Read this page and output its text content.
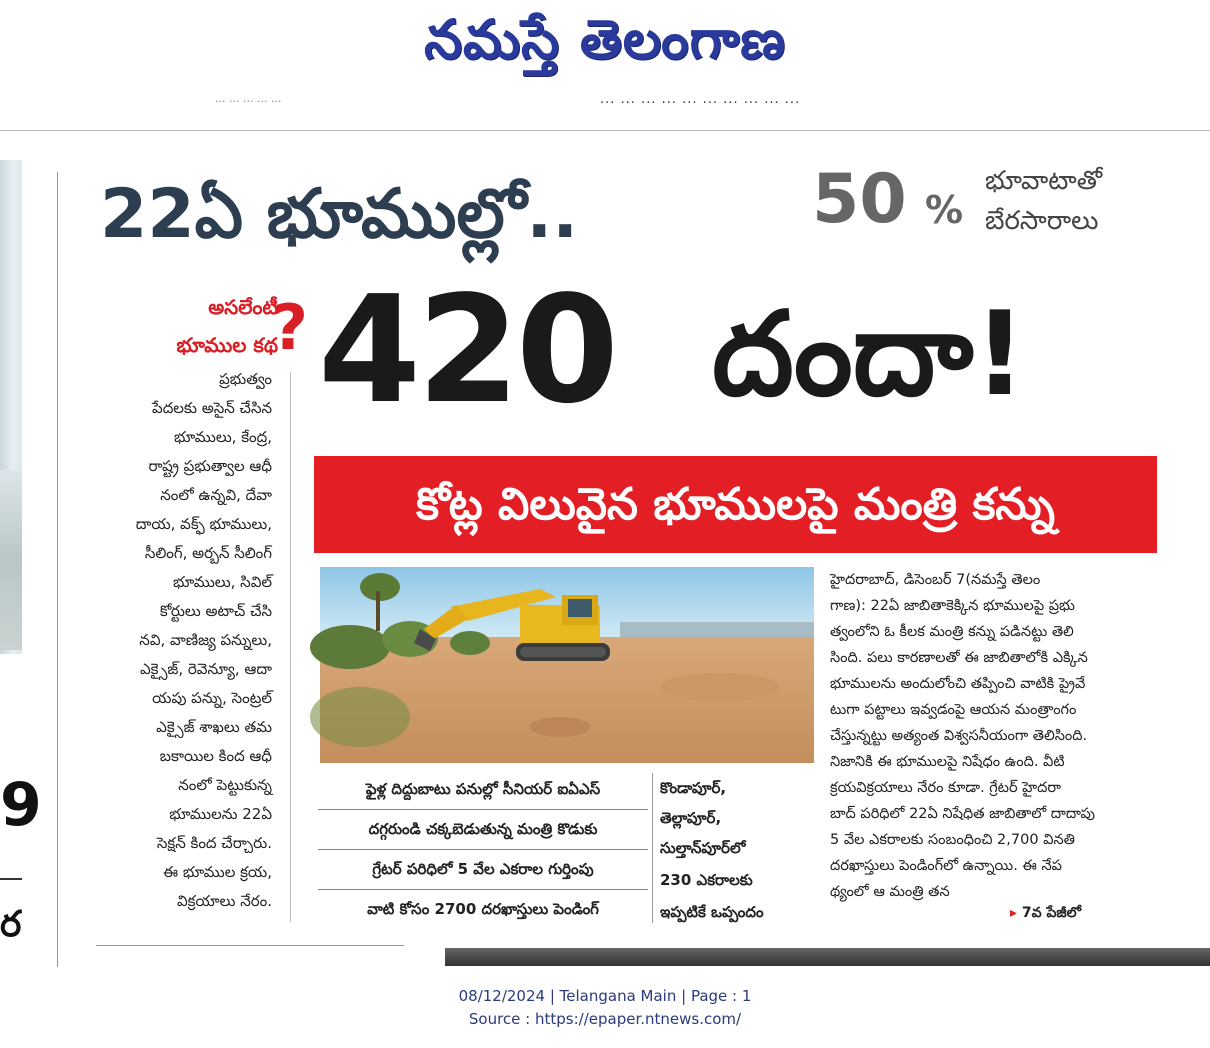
నమస్తే తెలంగాణ
... ... ... ... ...	... ... ... ... ... ... ... ... ... ...
9
ర
22ఏ భూముల్లో..	50 %
భూవాటాతో
బేరసారాలు
420 దందా!
అసలేంటీ
భూముల కథ
?
ప్రభుత్వం
పేదలకు అసైన్ చేసిన
భూములు, కేంద్ర,
రాష్ట్ర ప్రభుత్వాల ఆధీ
నంలో ఉన్నవి, దేవా
దాయ, వక్ఫ్ భూములు,
సీలింగ్, అర్బన్ సీలింగ్
భూములు, సివిల్
కోర్టులు అటాచ్ చేసి
నవి, వాణిజ్య పన్నులు,
ఎక్సైజ్, రెవెన్యూ, ఆదా
యపు పన్ను, సెంట్రల్
ఎక్సైజ్ శాఖలు తమ
బకాయిల కింద ఆధీ
నంలో పెట్టుకున్న
భూములను 22ఏ
సెక్షన్ కింద చేర్చారు.
ఈ భూముల క్రయ,
విక్రయాలు నేరం.
కోట్ల విలువైన భూములపై మంత్రి కన్ను
ఫైళ్ల దిద్దుబాటు పనుల్లో సీనియర్ ఐఏఎస్
దగ్గరుండి చక్కబెడుతున్న మంత్రి కొడుకు
గ్రేటర్ పరిధిలో 5 వేల ఎకరాల గుర్తింపు
వాటి కోసం 2700 దరఖాస్తులు పెండింగ్
కొండాపూర్,
తెల్లాపూర్,
సుల్తాన్‌పూర్‌లో
230 ఎకరాలకు
ఇప్పటికే ఒప్పందం
హైదరాబాద్, డిసెంబర్ 7(నమస్తే తెలం
గాణ): 22ఏ జాబితాకెక్కిన భూములపై ప్రభు
త్వంలోని ఓ కీలక మంత్రి కన్ను పడినట్టు తెలి
సింది. పలు కారణాలతో ఈ జాబితాలోకి ఎక్కిన
భూములను అందులోంచి తప్పించి వాటికి ప్రైవే
టుగా పట్టాలు ఇవ్వడంపై ఆయన మంత్రాంగం
చేస్తున్నట్టు అత్యంత విశ్వసనీయంగా తెలిసింది.
నిజానికి ఈ భూములపై నిషేధం ఉంది. వీటి
క్రయవిక్రయాలు నేరం కూడా. గ్రేటర్ హైదరా
బాద్ పరిధిలో 22ఏ నిషేధిత జాబితాలో దాదాపు
5 వేల ఎకరాలకు సంబంధించి 2,700 వినతి
దరఖాస్తులు పెండింగ్‌లో ఉన్నాయి. ఈ నేప
థ్యంలో ఆ మంత్రి తన
▸ 7వ పేజీలో
08/12/2024 | Telangana Main | Page : 1
Source : https://epaper.ntnews.com/
